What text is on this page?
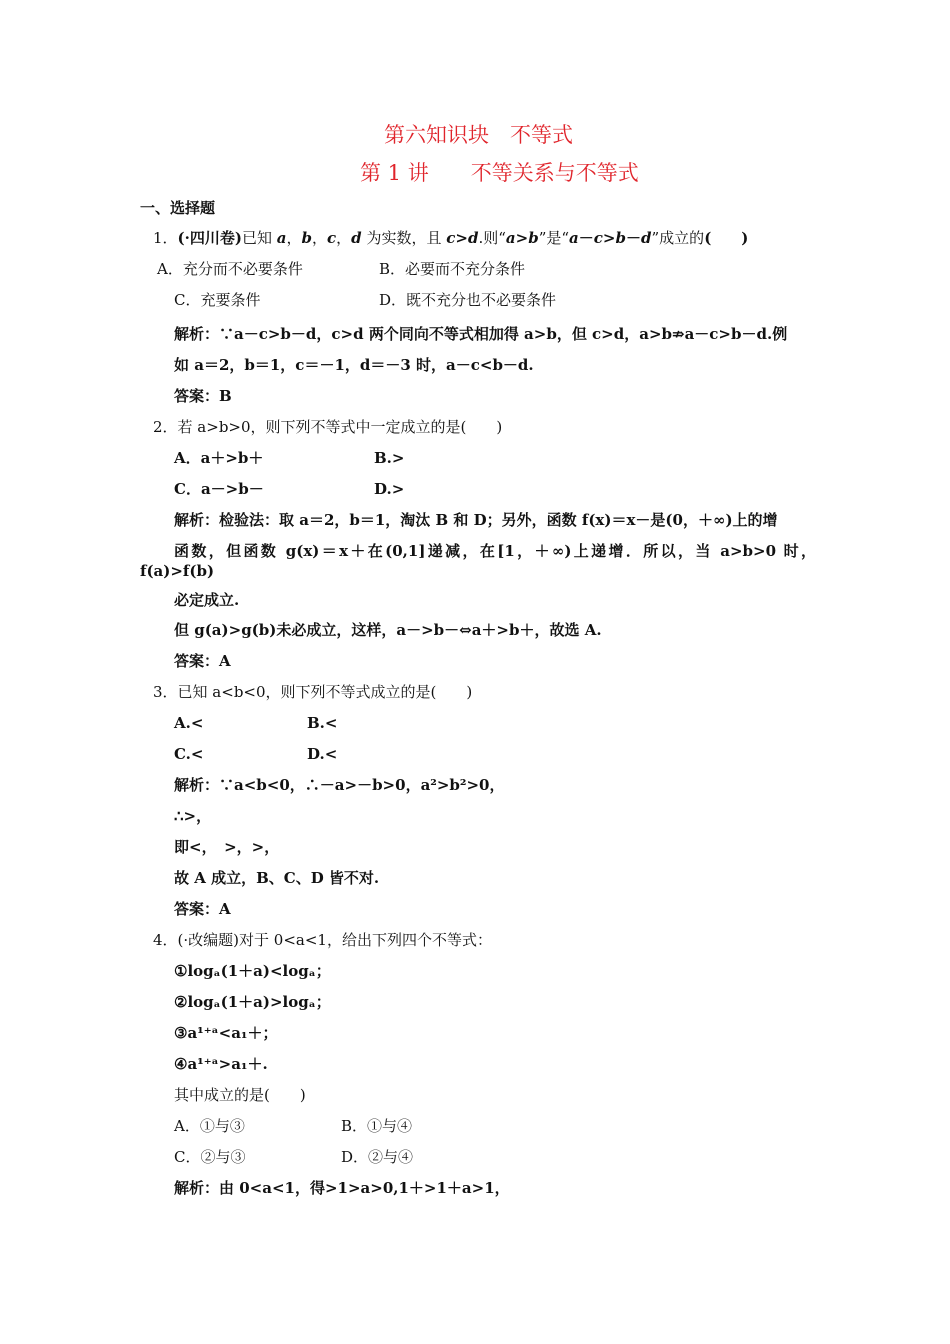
第六知识块　不等式
第 1 讲　　不等关系与不等式
一、选择题
1．(·四川卷)已知 a，b，c，d 为实数，且 c>d.则“a>b”是“a－c>b－d”成立的(　　)
A．充分而不必要条件	B．必要而不充分条件
C．充要条件	D．既不充分也不必要条件
解析：∵a－c>b－d，c>d 两个同向不等式相加得 a>b，但 c>d，a>b⇏a－c>b－d.例
如 a＝2，b＝1，c＝－1，d＝－3 时，a－c<b－d.
答案：B
2．若 a>b>0，则下列不等式中一定成立的是(　　)
A．a＋>b＋	B.>
C．a－>b－	D.>
解析：检验法：取 a＝2，b＝1，淘汰 B 和 D；另外，函数 f(x)＝x－是(0，＋∞)上的增
函数，但函数 g(x)＝x＋在(0,1]递减，在[1，＋∞)上递增．所以，当 a>b>0 时，
f(a)>f(b)
必定成立.
但 g(a)>g(b)未必成立，这样，a－>b－⇔a＋>b＋，故选 A.
答案：A
3．已知 a<b<0，则下列不等式成立的是(　　)
A.<	B.<
C.<	D.<
解析：∵a<b<0，∴－a>－b>0，a²>b²>0，
∴>，
即<，　>，>，
故 A 成立，B、C、D 皆不对.
答案：A
4．(·改编题)对于 0<a<1，给出下列四个不等式：
①logₐ(1＋a)<logₐ；
②logₐ(1＋a)>logₐ；
③a¹⁺ᵃ<a₁＋；
④a¹⁺ᵃ>a₁＋.
其中成立的是(　　)
A．①与③	B．①与④
C．②与③	D．②与④
解析：由 0<a<1，得>1>a>0,1＋>1＋a>1，
